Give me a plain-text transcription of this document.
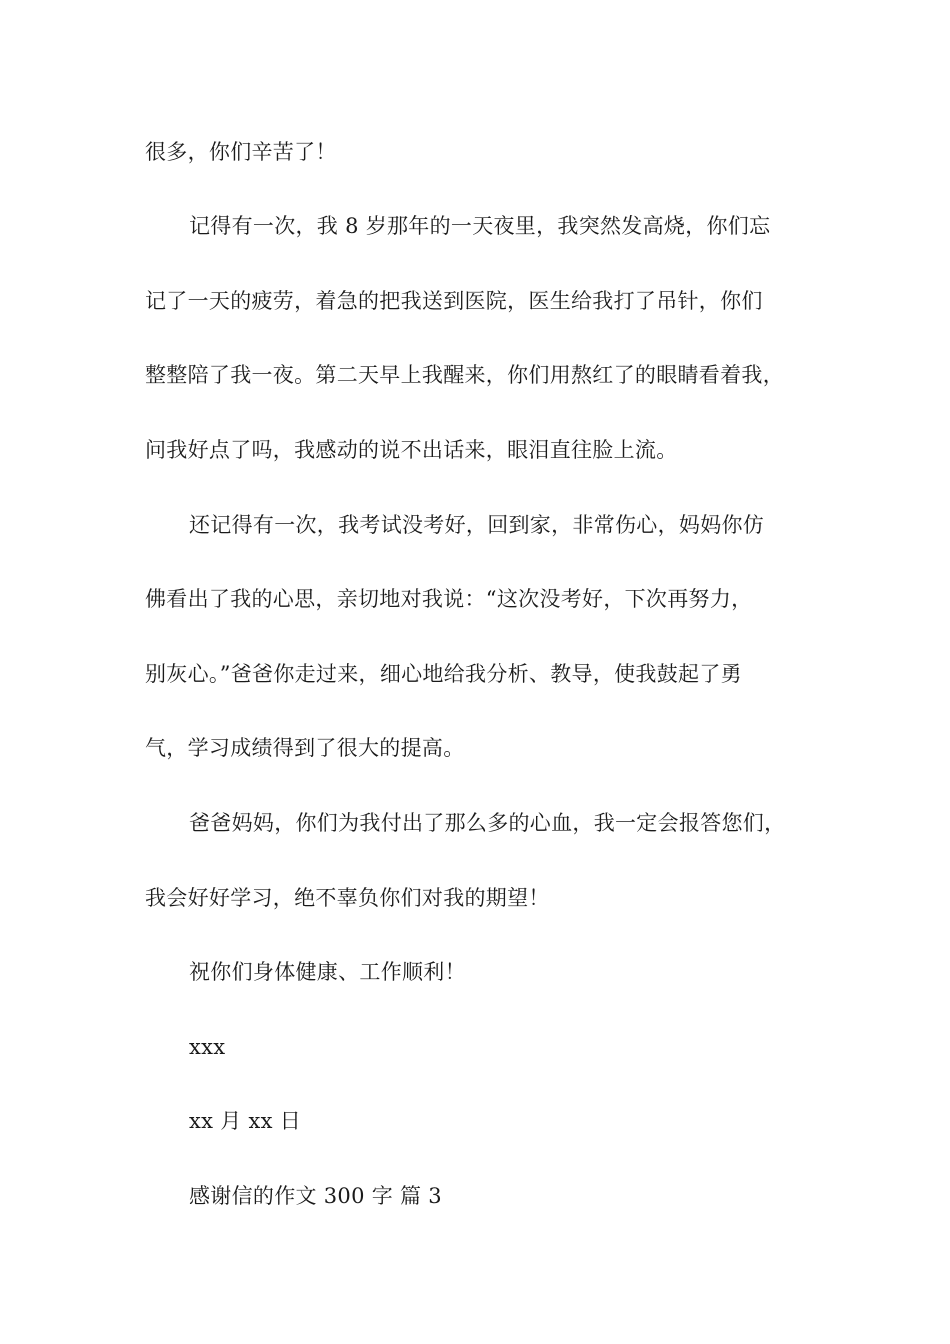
很多，你们辛苦了！
记得有一次，我 8 岁那年的一天夜里，我突然发高烧，你们忘
记了一天的疲劳，着急的把我送到医院，医生给我打了吊针，你们
整整陪了我一夜。第二天早上我醒来，你们用熬红了的眼睛看着我，
问我好点了吗，我感动的说不出话来，眼泪直往脸上流。
还记得有一次，我考试没考好，回到家，非常伤心，妈妈你仿
佛看出了我的心思，亲切地对我说：“这次没考好，下次再努力，
别灰心。”爸爸你走过来，细心地给我分析、教导，使我鼓起了勇
气，学习成绩得到了很大的提高。
爸爸妈妈，你们为我付出了那么多的心血，我一定会报答您们，
我会好好学习，绝不辜负你们对我的期望！
祝你们身体健康、工作顺利！
xxx
xx 月 xx 日
感谢信的作文 300 字 篇 3
